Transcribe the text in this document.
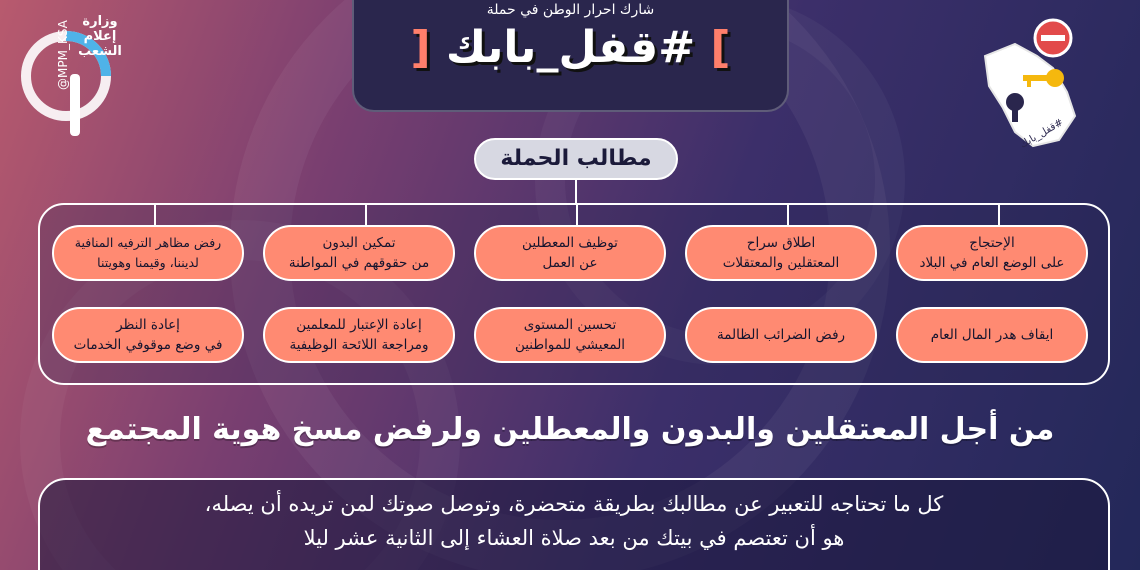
وزارة إعلام الشعب
@MPM_KSA
شارك احرار الوطن في حملة
] #قفل_بابك [
#قفل_بابك
مطالب الحملة
الإحتجاج
على الوضع العام في البلاد
اطلاق سراح
المعتقلين والمعتقلات
توظيف المعطلين
عن العمل
تمكين البدون
من حقوقهم في المواطنة
رفض مظاهر الترفيه المنافية
لديننا، وقيمنا وهويتنا
ايقاف هدر المال العام
رفض الضرائب الظالمة
تحسين المستوى
المعيشي للمواطنين
إعادة الإعتبار للمعلمين
ومراجعة اللائحة الوظيفية
إعادة النظر
في وضع موقوفي الخدمات
من أجل المعتقلين والبدون والمعطلين ولرفض مسخ هوية المجتمع
كل ما تحتاجه للتعبير عن مطالبك بطريقة متحضرة، وتوصل صوتك لمن تريده أن يصله،
هو أن تعتصم في بيتك من بعد صلاة العشاء إلى الثانية عشر ليلا
